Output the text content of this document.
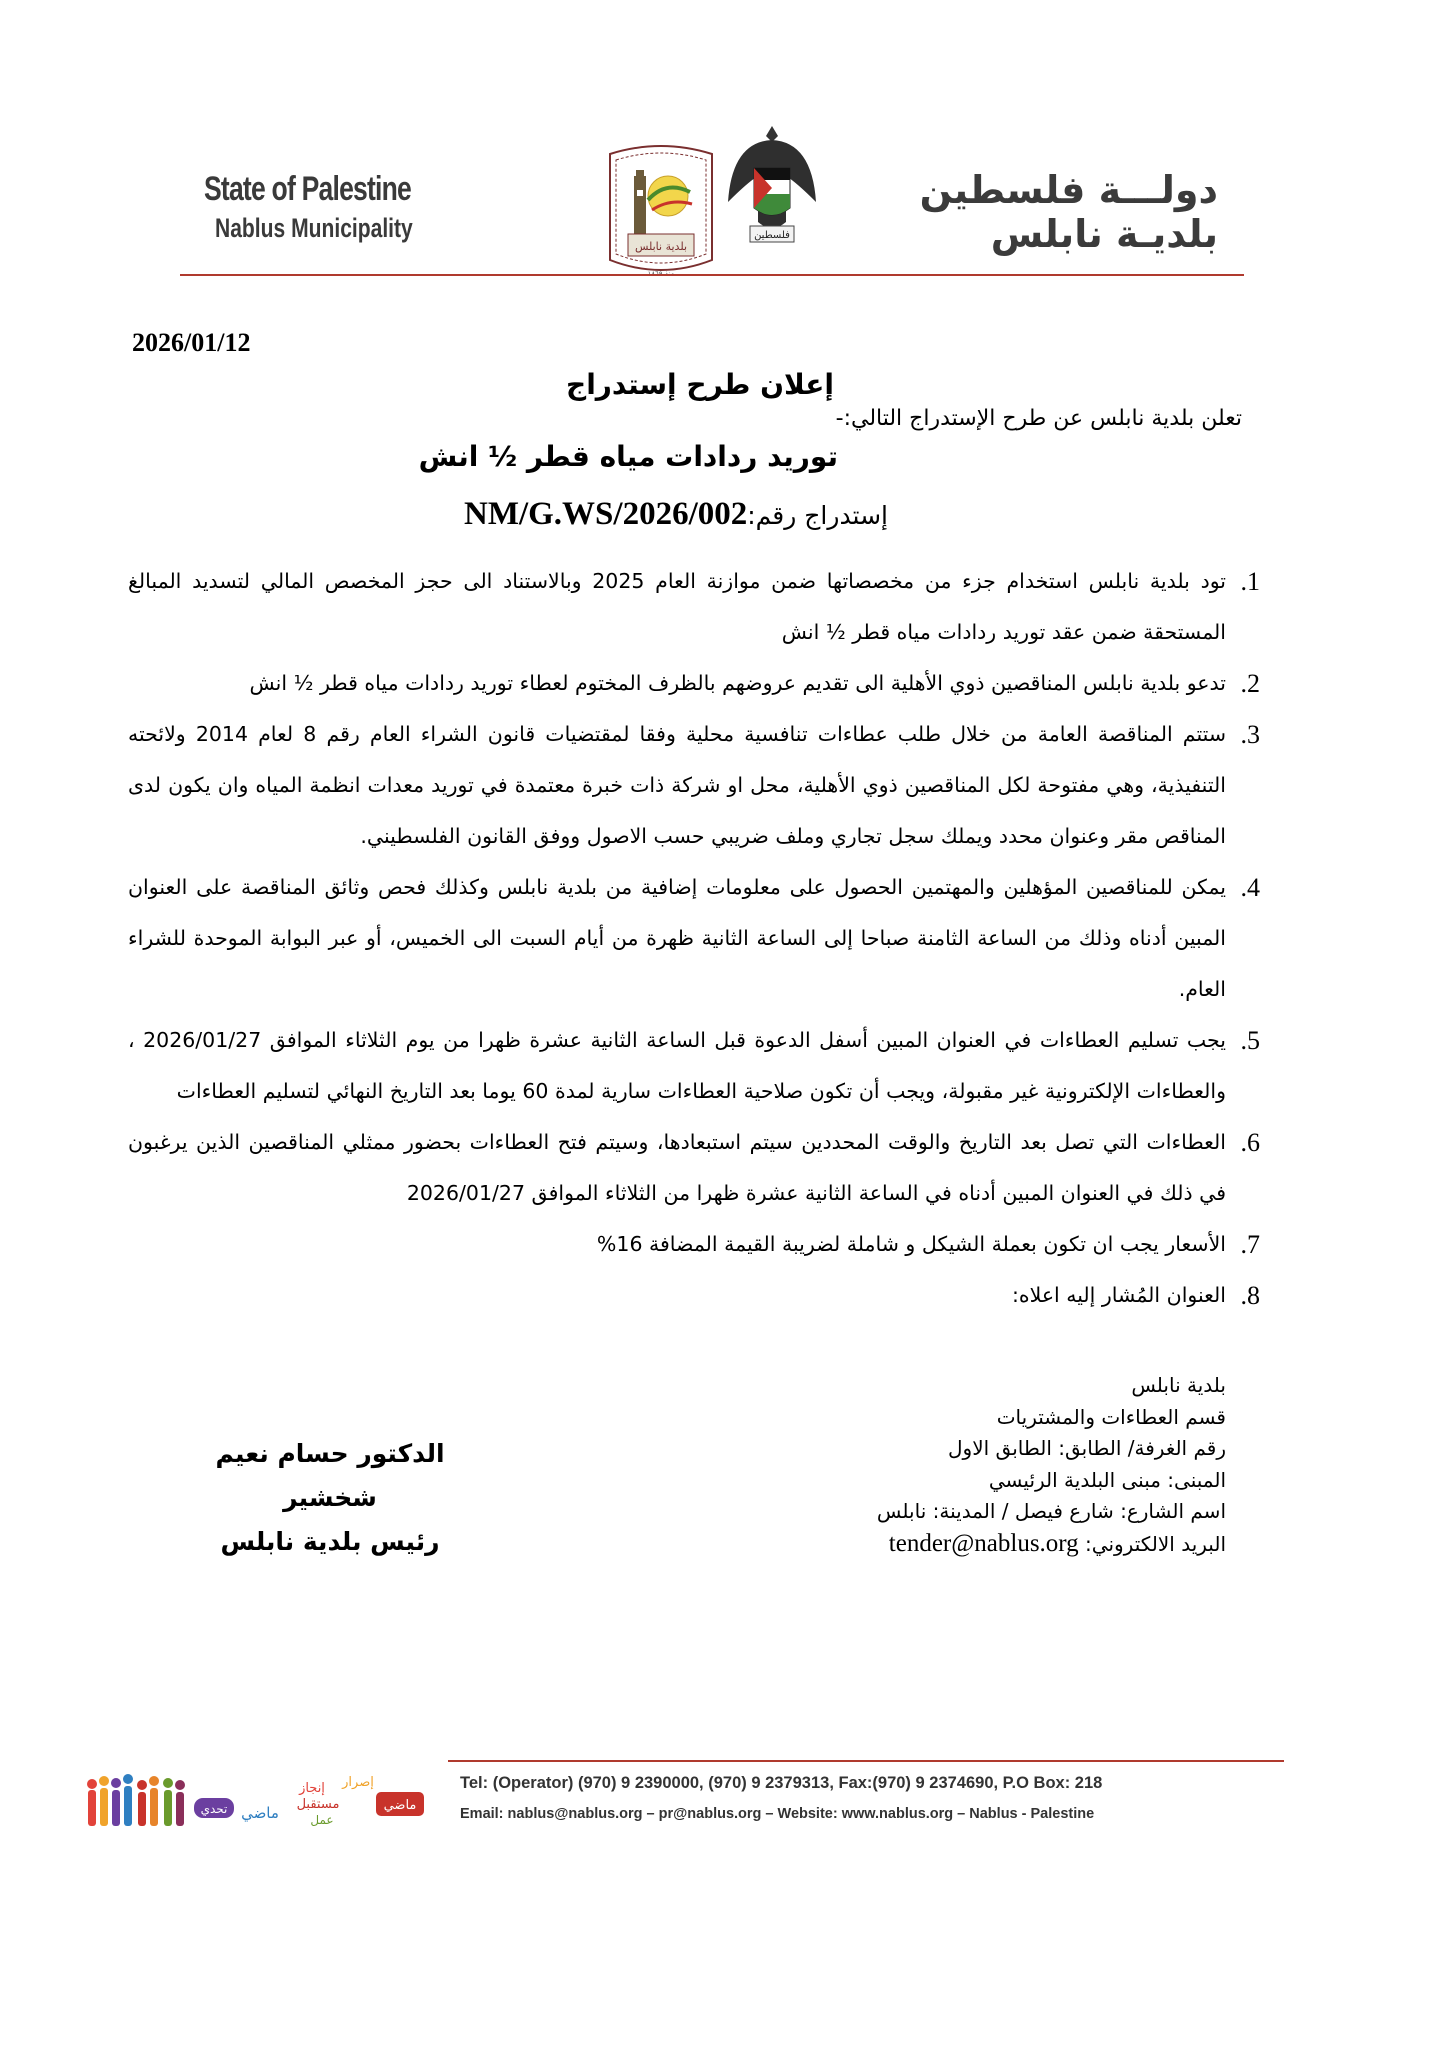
State of Palestine
Nablus Municipality
بلدية نابلس
فلسطين
دولـــة فلسطين
بلديـة نابلس
2026/01/12
إعلان طرح إستدراج
تعلن بلدية نابلس عن طرح الإستدراج التالي:-
توريد ردادات مياه قطر ½ انش
إستدراج رقم:NM/G.WS/2026/002

1.
تود بلدية نابلس استخدام جزء من مخصصاتها ضمن موازنة العام 2025 وبالاستناد الى حجز المخصص المالي لتسديد المبالغ المستحقة ضمن عقد توريد ردادات مياه قطر ½ انش

2.
تدعو بلدية نابلس المناقصين ذوي الأهلية الى تقديم عروضهم بالظرف المختوم لعطاء توريد ردادات مياه قطر ½ انش

3.
ستتم المناقصة العامة من خلال طلب عطاءات تنافسية محلية وفقا لمقتضيات قانون الشراء العام رقم 8 لعام 2014 ولائحته التنفيذية، وهي مفتوحة لكل المناقصين ذوي الأهلية، محل او شركة ذات خبرة معتمدة في توريد معدات انظمة المياه وان يكون لدى المناقص مقر وعنوان محدد ويملك سجل تجاري وملف ضريبي حسب الاصول ووفق القانون الفلسطيني.

4.
يمكن للمناقصين المؤهلين والمهتمين الحصول على معلومات إضافية من بلدية نابلس وكذلك فحص وثائق المناقصة على العنوان المبين أدناه وذلك من الساعة الثامنة صباحا إلى الساعة الثانية ظهرة من أيام السبت الى الخميس، أو عبر البوابة الموحدة للشراء العام.

5.
يجب تسليم العطاءات في العنوان المبين أسفل الدعوة قبل الساعة الثانية عشرة ظهرا من يوم الثلاثاء الموافق 2026/01/27 ، والعطاءات الإلكترونية غير مقبولة، ويجب أن تكون صلاحية العطاءات سارية لمدة 60 يوما بعد التاريخ النهائي لتسليم العطاءات

6.
العطاءات التي تصل بعد التاريخ والوقت المحددين سيتم استبعادها، وسيتم فتح العطاءات بحضور ممثلي المناقصين الذين يرغبون في ذلك في العنوان المبين أدناه في الساعة الثانية عشرة ظهرا من الثلاثاء الموافق 2026/01/27

7.
الأسعار يجب ان تكون بعملة الشيكل و شاملة لضريبة القيمة المضافة 16%

8.
العنوان المُشار إليه اعلاه:

بلدية نابلس
قسم العطاءات والمشتريات
رقم الغرفة/ الطابق: الطابق الاول
المبنى: مبنى البلدية الرئيسي
اسم الشارع: شارع فيصل / المدينة: نابلس
البريد الالكتروني: tender@nablus.org
الدكتور حسام نعيم شخشير
رئيس بلدية نابلس
تحدي ماضي
إنجاز
مستقبل
عمل
إصرار
ماضي
Tel: (Operator) (970) 9 2390000, (970) 9 2379313, Fax:(970) 9 2374690, P.O Box: 218
Email: nablus@nablus.org – pr@nablus.org – Website: www.nablus.org – Nablus - Palestine
